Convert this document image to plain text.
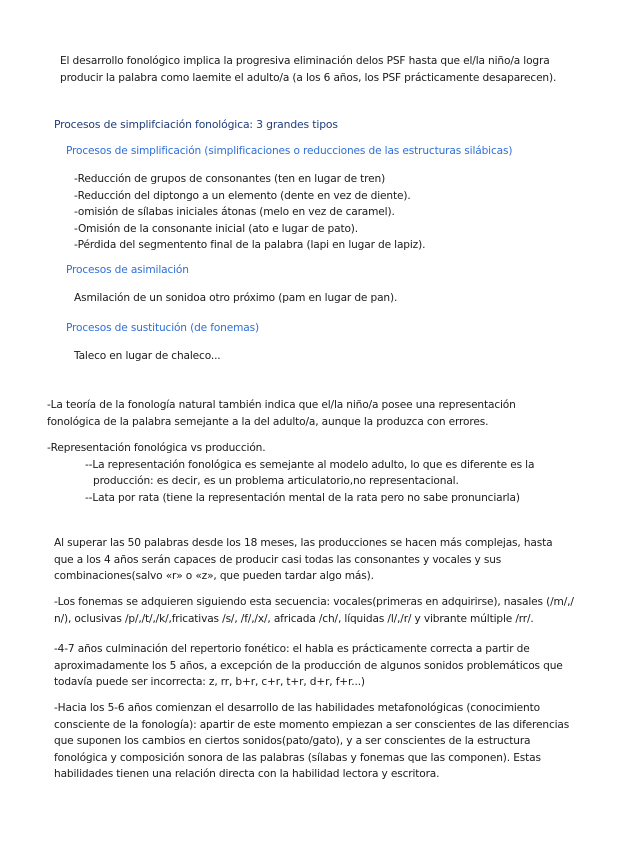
El desarrollo fonológico implica la progresiva eliminación delos PSF hasta que el/la niño/a logra producir la palabra como laemite el adulto/a (a los 6 años, los PSF prácticamente desaparecen).

Procesos de simplifciación fonológica: 3 grandes tipos

Procesos de simplificación (simplificaciones o reducciones de las estructuras silábicas)

-Reducción de grupos de consonantes (ten en lugar de tren)
-Reducción del diptongo a un elemento (dente en vez de diente).
-omisión de sílabas iniciales átonas (melo en vez de caramel).
-Omisión de la consonante inicial (ato e lugar de pato).
-Pérdida del segmentento final de la palabra (lapi en lugar de lapiz).

Procesos de asimilación

Asmilación de un sonidoa otro próximo (pam en lugar de pan).

Procesos de sustitución (de fonemas)

Taleco en lugar de chaleco...

-La teoría de la fonología natural también indica que el/la niño/a posee una representación fonológica de la palabra semejante a la del adulto/a, aunque la produzca con errores.

-Representación fonológica vs producción.
--La representación fonológica es semejante al modelo adulto, lo que es diferente es la producción: es decir, es un problema articulatorio,no representacional.
--Lata por rata (tiene la representación mental de la rata pero no sabe pronunciarla)

Al superar las 50 palabras desde los 18 meses, las producciones se hacen más complejas, hasta que a los 4 años serán capaces de producir casi todas las consonantes y vocales y sus combinaciones(salvo «r» o «z», que pueden tardar algo más).

-Los fonemas se adquieren siguiendo esta secuencia: vocales(primeras en adquirirse), nasales (/m/,/ n/), oclusivas /p/,/t/,/k/,fricativas /s/, /f/,/x/, africada /ch/, líquidas /l/,/r/ y vibrante múltiple /rr/.

-4-7 años culminación del repertorio fonético: el habla es prácticamente correcta a partir de aproximadamente los 5 años, a excepción de la producción de algunos sonidos problemáticos que todavía puede ser incorrecta: z, rr, b+r, c+r, t+r, d+r, f+r...)

-Hacia los 5-6 años comienzan el desarrollo de las habilidades metafonológicas (conocimiento consciente de la fonología): apartir de este momento empiezan a ser conscientes de las diferencias que suponen los cambios en ciertos sonidos(pato/gato), y a ser conscientes de la estructura fonológica y composición sonora de las palabras (sílabas y fonemas que las componen). Estas habilidades tienen una relación directa con la habilidad lectora y escritora.
